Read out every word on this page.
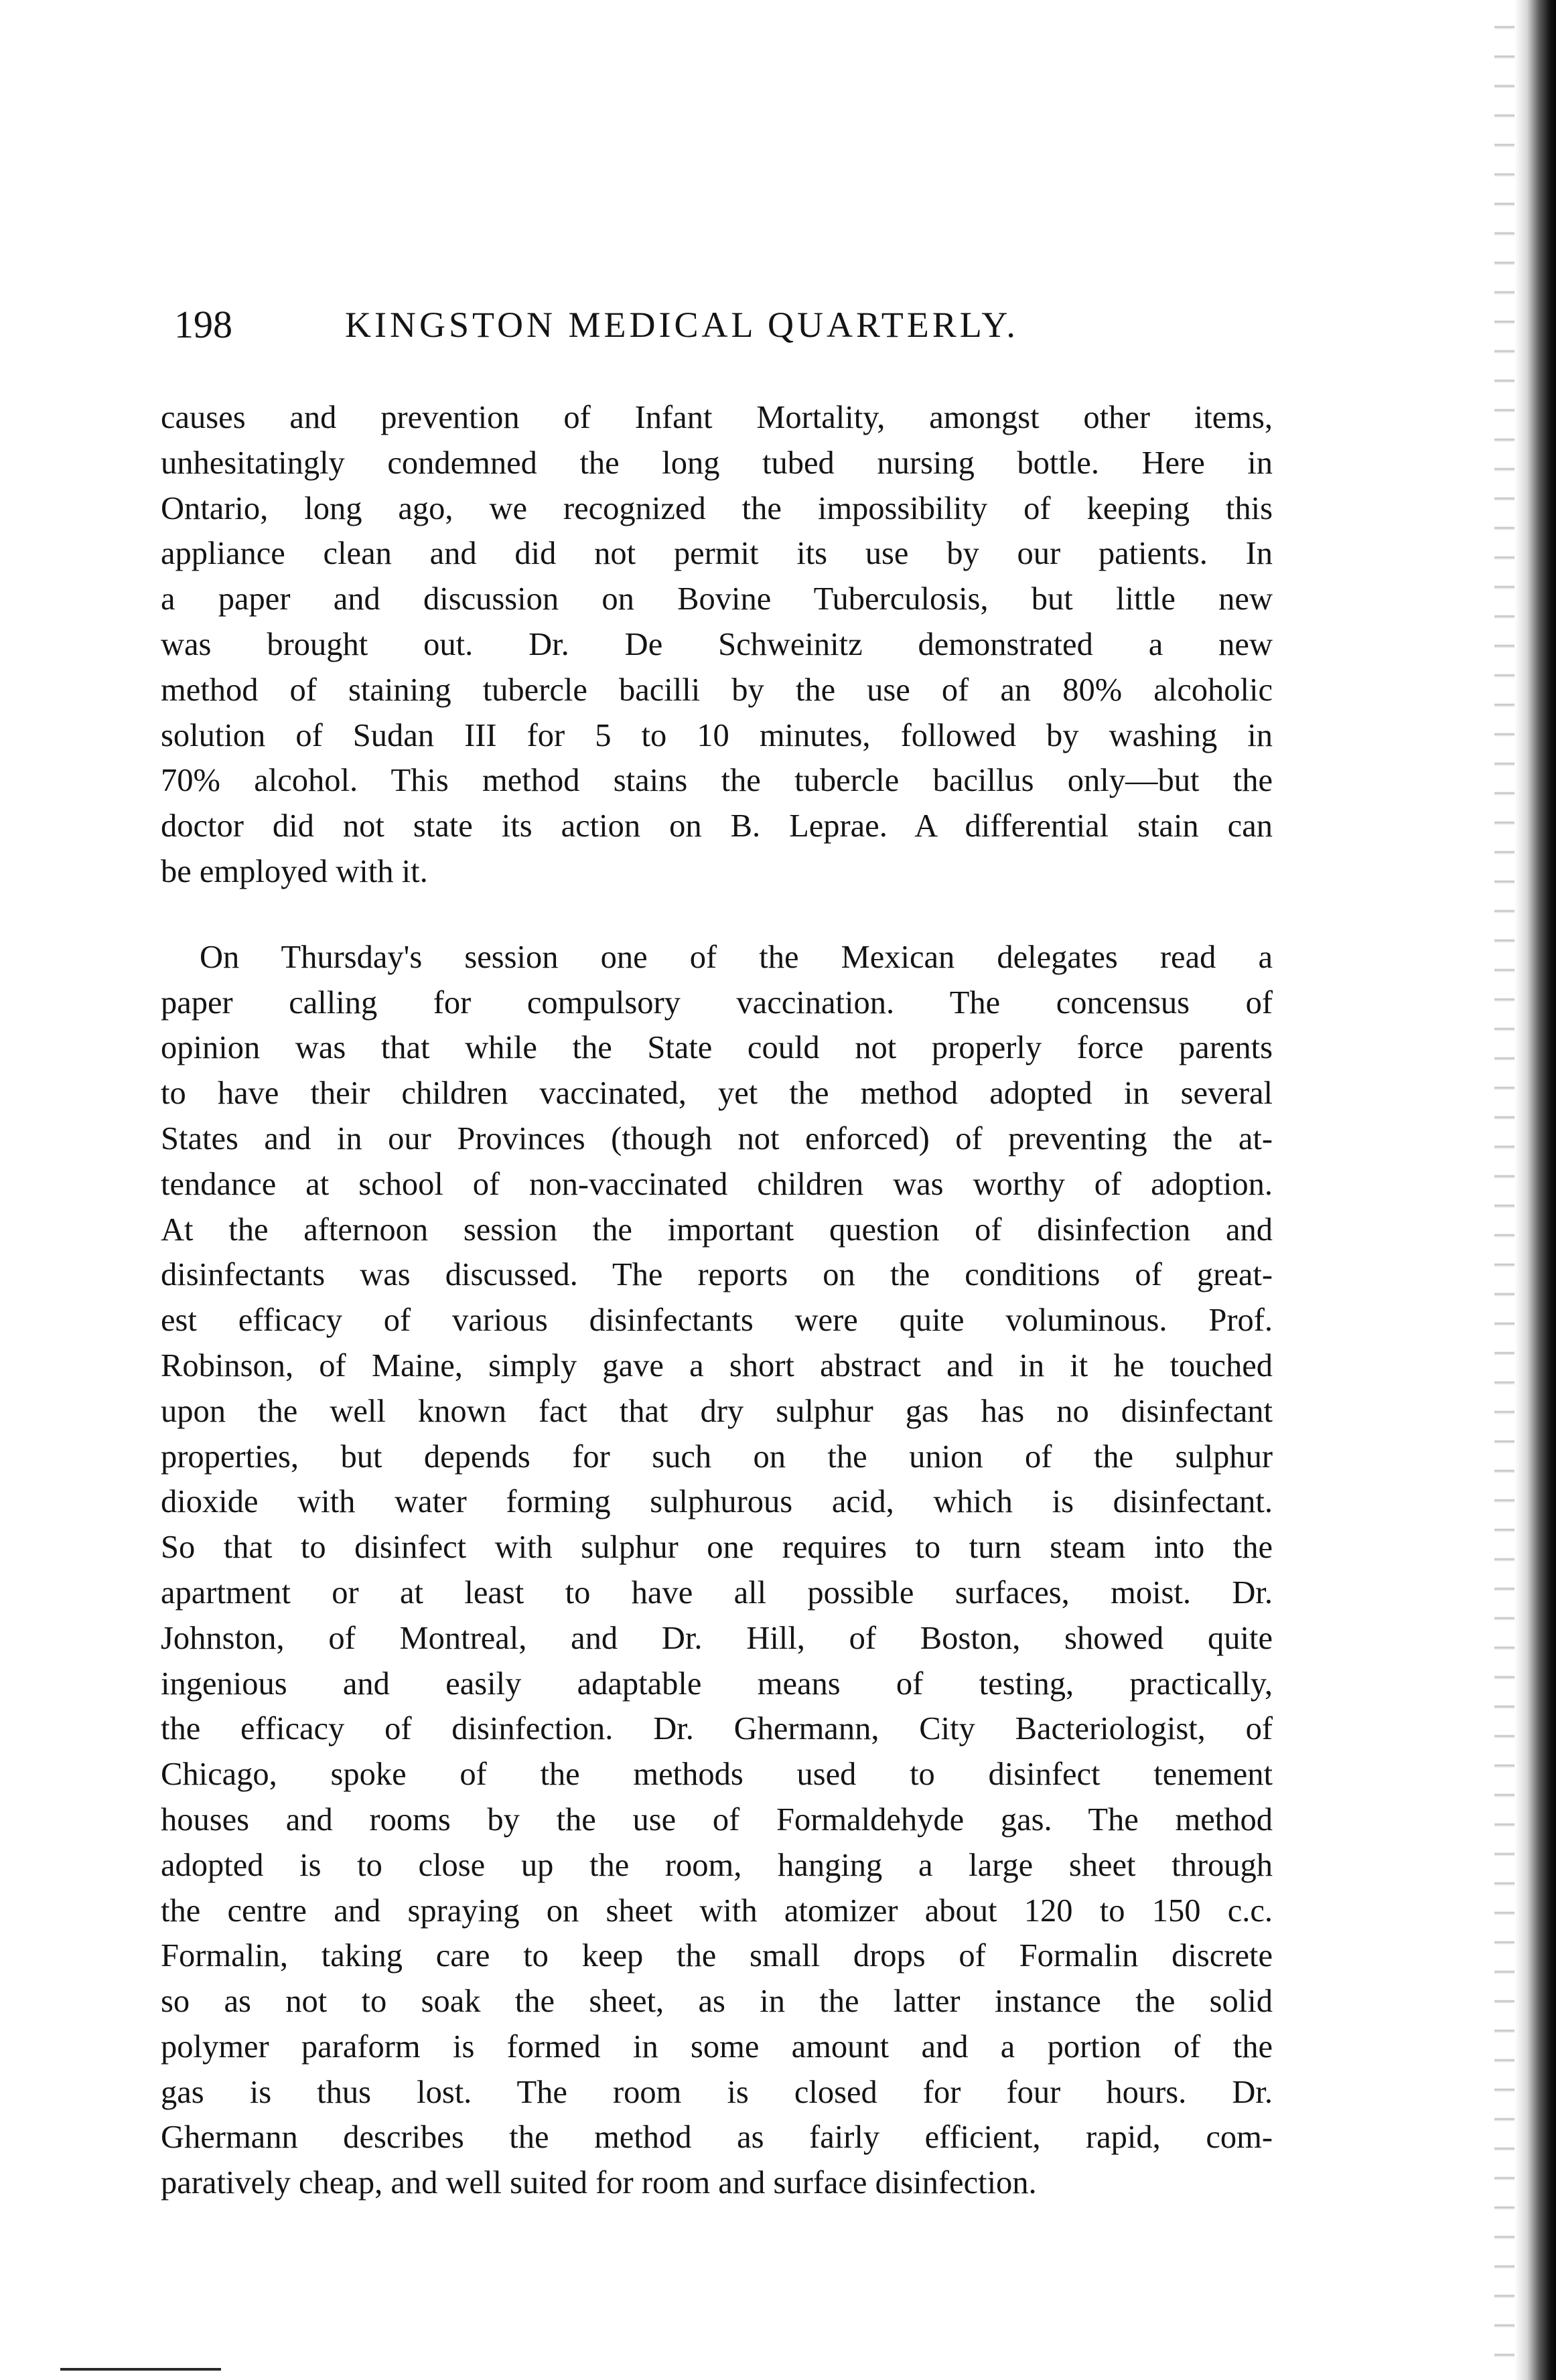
198	KINGSTON MEDICAL QUARTERLY.

causes and prevention of Infant Mortality, amongst other items,
unhesitatingly condemned the long tubed nursing bottle. Here in
Ontario, long ago, we recognized the impossibility of keeping this
appliance clean and did not permit its use by our patients. In
a paper and discussion on Bovine Tuberculosis, but little new
was brought out. Dr. De Schweinitz demonstrated a new
method of staining tubercle bacilli by the use of an 80% alcoholic
solution of Sudan III for 5 to 10 minutes, followed by washing in
70% alcohol. This method stains the tubercle bacillus only—but the
doctor did not state its action on B. Leprae. A differential stain can
be employed with it.

On Thursday's session one of the Mexican delegates read a
paper calling for compulsory vaccination. The concensus of
opinion was that while the State could not properly force parents
to have their children vaccinated, yet the method adopted in several
States and in our Provinces (though not enforced) of preventing the at-
tendance at school of non-vaccinated children was worthy of adoption.
At the afternoon session the important question of disinfection and
disinfectants was discussed. The reports on the conditions of great-
est efficacy of various disinfectants were quite voluminous. Prof.
Robinson, of Maine, simply gave a short abstract and in it he touched
upon the well known fact that dry sulphur gas has no disinfectant
properties, but depends for such on the union of the sulphur
dioxide with water forming sulphurous acid, which is disinfectant.
So that to disinfect with sulphur one requires to turn steam into the
apartment or at least to have all possible surfaces, moist. Dr.
Johnston, of Montreal, and Dr. Hill, of Boston, showed quite
ingenious and easily adaptable means of testing, practically,
the efficacy of disinfection. Dr. Ghermann, City Bacteriologist, of
Chicago, spoke of the methods used to disinfect tenement
houses and rooms by the use of Formaldehyde gas. The method
adopted is to close up the room, hanging a large sheet through
the centre and spraying on sheet with atomizer about 120 to 150 c.c.
Formalin, taking care to keep the small drops of Formalin discrete
so as not to soak the sheet, as in the latter instance the solid
polymer paraform is formed in some amount and a portion of the
gas is thus lost. The room is closed for four hours. Dr.
Ghermann describes the method as fairly efficient, rapid, com-
paratively cheap, and well suited for room and surface disinfection.
